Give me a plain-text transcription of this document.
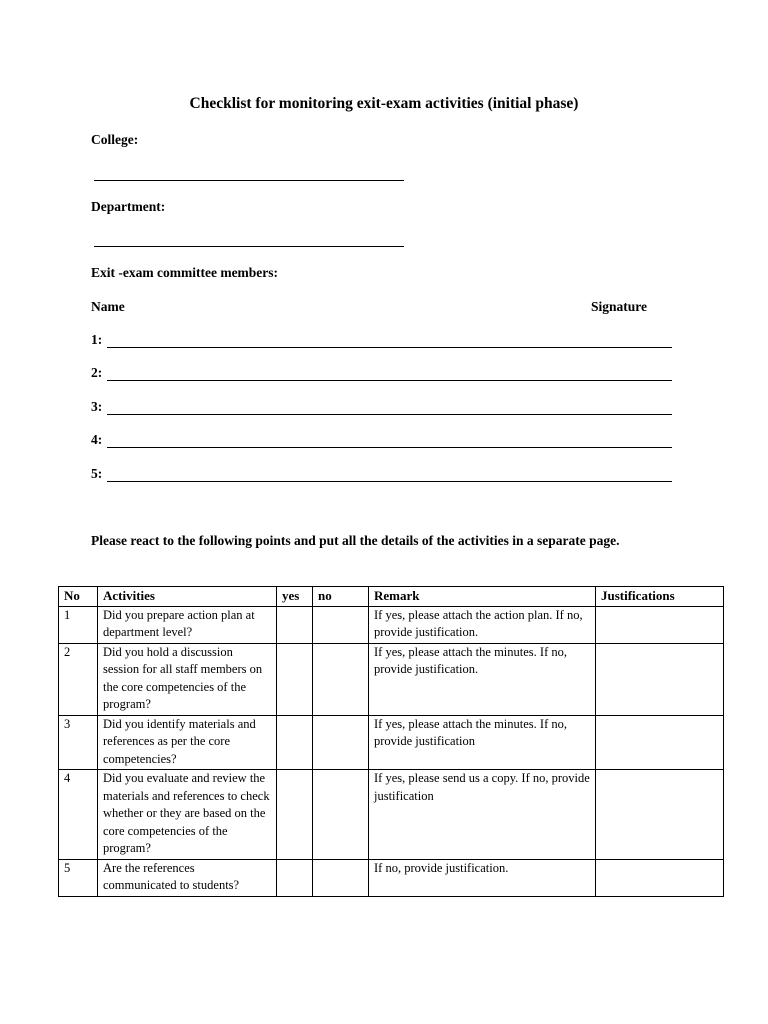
Checklist for monitoring exit-exam activities (initial phase)
College:
Department:
Exit -exam committee members:
Name	Signature
1:
2:
3:
4:
5:
Please react to the following points and put all the details of the activities in a separate page.
No	Activities	yes	no	Remark	Justifications
1	Did you prepare action plan at department level?			If yes, please attach the action plan. If no, provide justification.	
2	Did you hold a discussion session for all staff members on the core competencies of the program?			If yes, please attach the minutes. If no, provide justification.	
3	Did you identify materials and references as per the core competencies?			If yes, please attach the minutes. If no, provide justification	
4	Did you evaluate and review the materials and references to check whether or they are based on the core competencies of the program?			If yes, please send us a copy. If no, provide justification	
5	Are the references communicated to students?			If no, provide justification.	
